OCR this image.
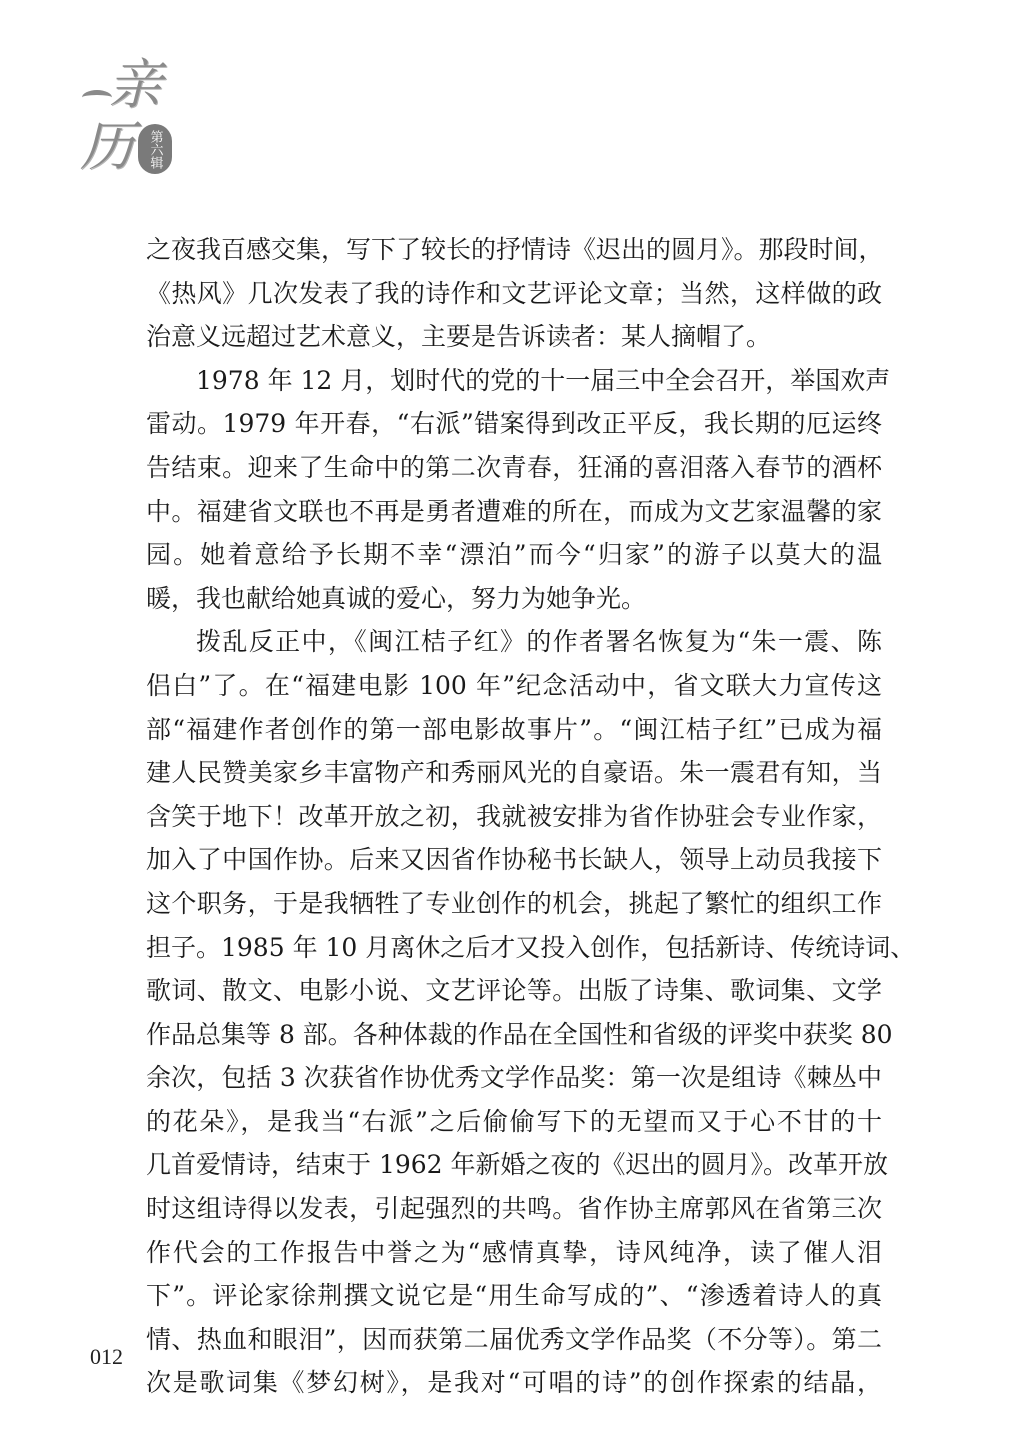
亲
历	第六辑
之夜我百感交集，写下了较长的抒情诗《迟出的圆月》。那段时间，
《热风》几次发表了我的诗作和文艺评论文章；当然，这样做的政
治意义远超过艺术意义，主要是告诉读者：某人摘帽了。
1978 年 12 月，划时代的党的十一届三中全会召开，举国欢声
雷动。1979 年开春，“右派”错案得到改正平反，我长期的厄运终
告结束。迎来了生命中的第二次青春，狂涌的喜泪落入春节的酒杯
中。福建省文联也不再是勇者遭难的所在，而成为文艺家温馨的家
园。她着意给予长期不幸“漂泊”而今“归家”的游子以莫大的温
暖，我也献给她真诚的爱心，努力为她争光。
拨乱反正中，《闽江桔子红》的作者署名恢复为“朱一震、陈
侣白”了。在“福建电影 100 年”纪念活动中，省文联大力宣传这
部“福建作者创作的第一部电影故事片”。“闽江桔子红”已成为福
建人民赞美家乡丰富物产和秀丽风光的自豪语。朱一震君有知，当
含笑于地下！改革开放之初，我就被安排为省作协驻会专业作家，
加入了中国作协。后来又因省作协秘书长缺人，领导上动员我接下
这个职务，于是我牺牲了专业创作的机会，挑起了繁忙的组织工作
担子。1985 年 10 月离休之后才又投入创作，包括新诗、传统诗词、
歌词、散文、电影小说、文艺评论等。出版了诗集、歌词集、文学
作品总集等 8 部。各种体裁的作品在全国性和省级的评奖中获奖 80
余次，包括 3 次获省作协优秀文学作品奖：第一次是组诗《棘丛中
的花朵》，是我当“右派”之后偷偷写下的无望而又于心不甘的十
几首爱情诗，结束于 1962 年新婚之夜的《迟出的圆月》。改革开放
时这组诗得以发表，引起强烈的共鸣。省作协主席郭风在省第三次
作代会的工作报告中誉之为“感情真挚，诗风纯净，读了催人泪
下”。评论家徐荆撰文说它是“用生命写成的”、“渗透着诗人的真
情、热血和眼泪”，因而获第二届优秀文学作品奖（不分等）。第二
次是歌词集《梦幻树》，是我对“可唱的诗”的创作探索的结晶，
012
